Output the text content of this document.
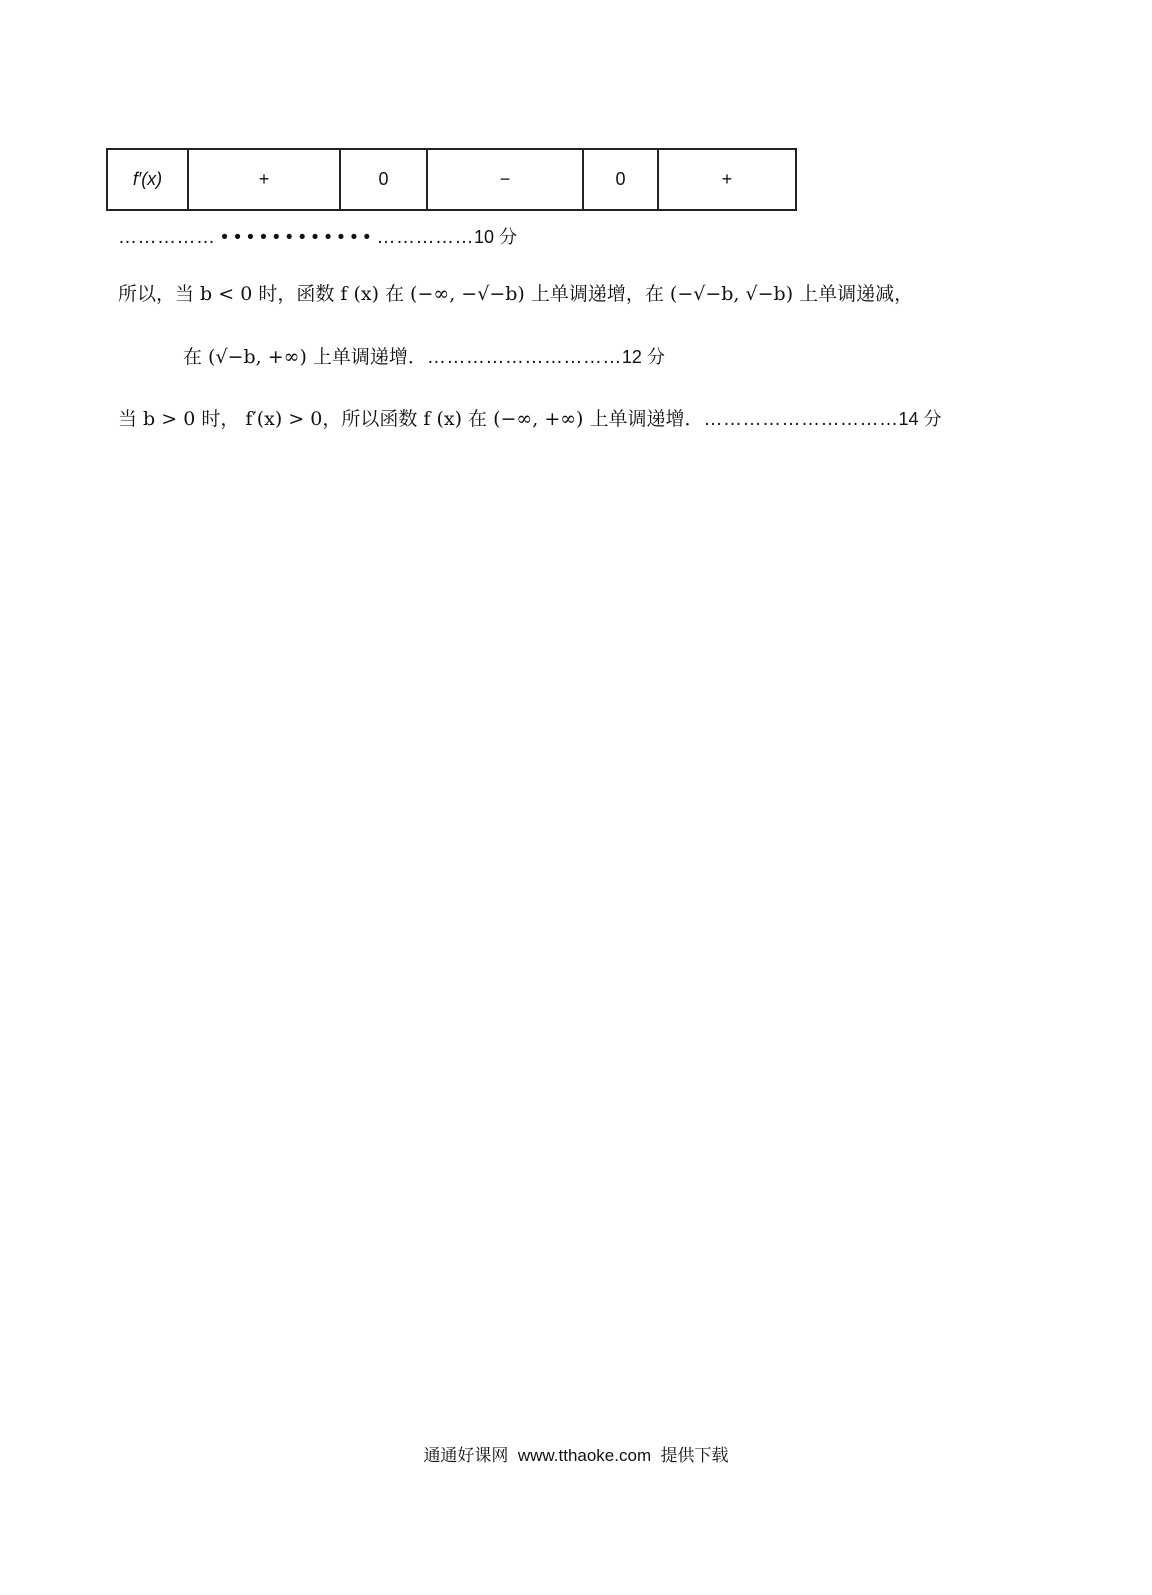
f′(x)	+	0	−	0	+
…………… • • • • • • • • • • • • ……………10 分
所以，当 b < 0 时，函数 f (x) 在 (−∞, −√−b) 上单调递增，在 (−√−b, √−b) 上单调递减，
在 (√−b, +∞) 上单调递增．…………………………12 分
当 b > 0 时， f′(x) > 0，所以函数 f (x) 在 (−∞, +∞) 上单调递增．…………………………14 分
通通好课网  www.tthaoke.com  提供下载
